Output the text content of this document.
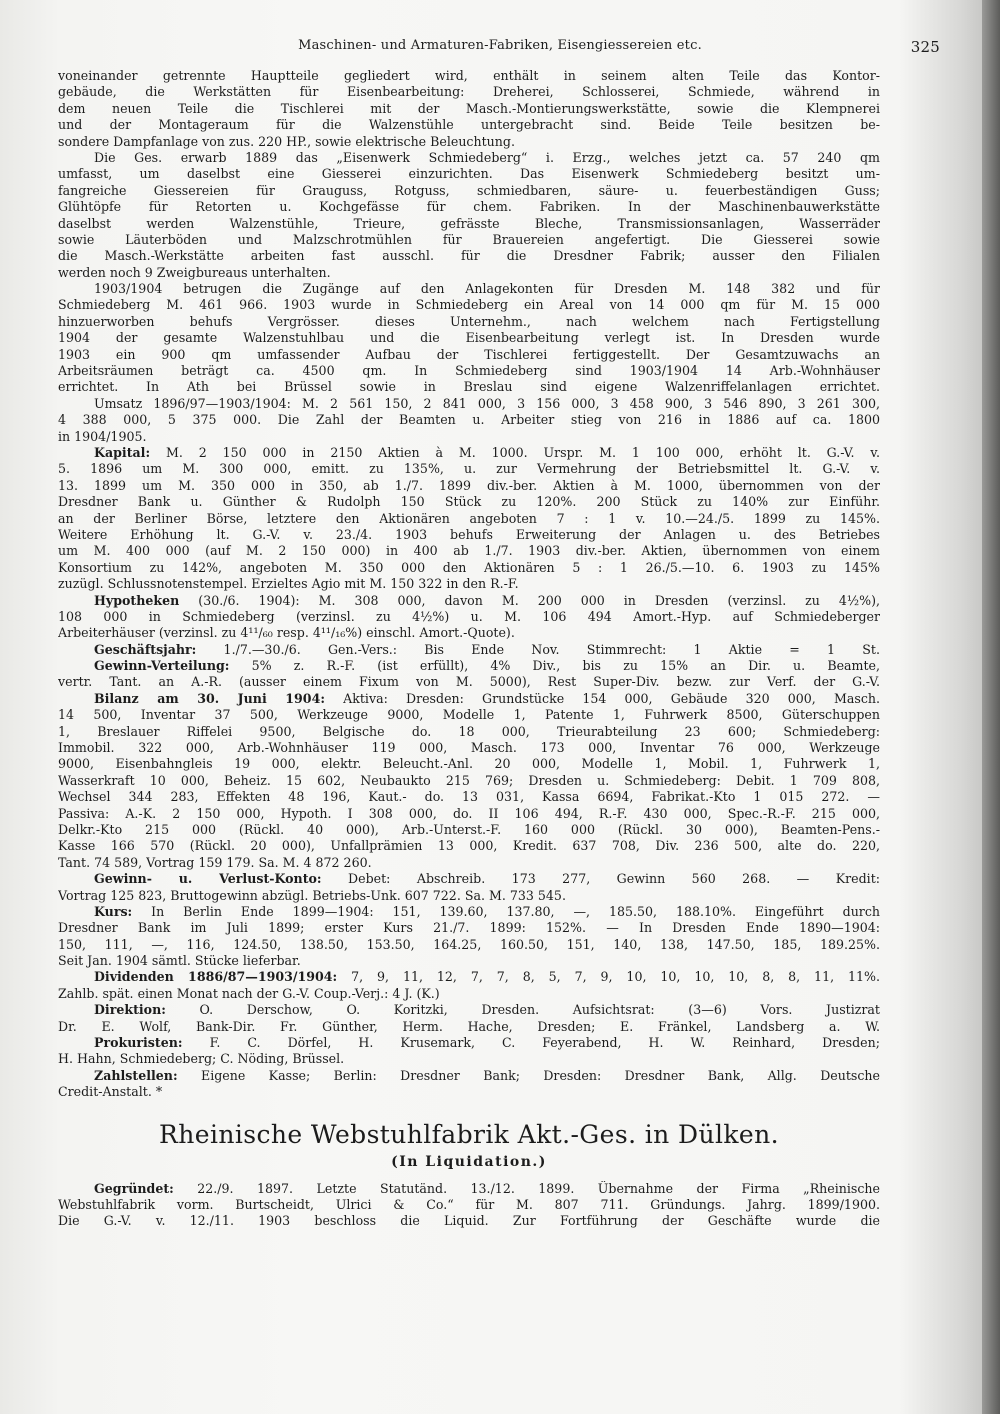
Maschinen- und Armaturen-Fabriken, Eisengiessereien etc.	325
voneinander getrennte Hauptteile gegliedert wird, enthält in seinem alten Teile das Kontor-
gebäude, die Werkstätten für Eisenbearbeitung: Dreherei, Schlosserei, Schmiede, während in
dem neuen Teile die Tischlerei mit der Masch.-Montierungswerkstätte, sowie die Klempnerei
und der Montageraum für die Walzenstühle untergebracht sind. Beide Teile besitzen be-
sondere Dampfanlage von zus. 220 HP., sowie elektrische Beleuchtung.
Die Ges. erwarb 1889 das „Eisenwerk Schmiedeberg“ i. Erzg., welches jetzt ca. 57 240 qm
umfasst, um daselbst eine Giesserei einzurichten. Das Eisenwerk Schmiedeberg besitzt um-
fangreiche Giessereien für Grauguss, Rotguss, schmiedbaren, säure- u. feuerbeständigen Guss;
Glühtöpfe für Retorten u. Kochgefässe für chem. Fabriken. In der Maschinenbauwerkstätte
daselbst werden Walzenstühle, Trieure, gefrässte Bleche, Transmissionsanlagen, Wasserräder
sowie Läuterböden und Malzschrotmühlen für Brauereien angefertigt. Die Giesserei sowie
die Masch.-Werkstätte arbeiten fast ausschl. für die Dresdner Fabrik; ausser den Filialen
werden noch 9 Zweigbureaus unterhalten.
1903/1904 betrugen die Zugänge auf den Anlagekonten für Dresden M. 148 382 und für
Schmiedeberg M. 461 966. 1903 wurde in Schmiedeberg ein Areal von 14 000 qm für M. 15 000
hinzuerworben behufs Vergrösser. dieses Unternehm., nach welchem nach Fertigstellung
1904 der gesamte Walzenstuhlbau und die Eisenbearbeitung verlegt ist. In Dresden wurde
1903 ein 900 qm umfassender Aufbau der Tischlerei fertiggestellt. Der Gesamtzuwachs an
Arbeitsräumen beträgt ca. 4500 qm. In Schmiedeberg sind 1903/1904 14 Arb.-Wohnhäuser
errichtet. In Ath bei Brüssel sowie in Breslau sind eigene Walzenriffelanlagen errichtet.
Umsatz 1896/97—1903/1904: M. 2 561 150, 2 841 000, 3 156 000, 3 458 900, 3 546 890, 3 261 300,
4 388 000, 5 375 000. Die Zahl der Beamten u. Arbeiter stieg von 216 in 1886 auf ca. 1800
in 1904/1905.
Kapital: M. 2 150 000 in 2150 Aktien à M. 1000. Urspr. M. 1 100 000, erhöht lt. G.-V. v.
5. 1896 um M. 300 000, emitt. zu 135%, u. zur Vermehrung der Betriebsmittel lt. G.-V. v.
13. 1899 um M. 350 000 in 350, ab 1./7. 1899 div.-ber. Aktien à M. 1000, übernommen von der
Dresdner Bank u. Günther & Rudolph 150 Stück zu 120%. 200 Stück zu 140% zur Einführ.
an der Berliner Börse, letztere den Aktionären angeboten 7 : 1 v. 10.—24./5. 1899 zu 145%.
Weitere Erhöhung lt. G.-V. v. 23./4. 1903 behufs Erweiterung der Anlagen u. des Betriebes
um M. 400 000 (auf M. 2 150 000) in 400 ab 1./7. 1903 div.-ber. Aktien, übernommen von einem
Konsortium zu 142%, angeboten M. 350 000 den Aktionären 5 : 1 26./5.—10. 6. 1903 zu 145%
zuzügl. Schlussnotenstempel. Erzieltes Agio mit M. 150 322 in den R.-F.
Hypotheken (30./6. 1904): M. 308 000, davon M. 200 000 in Dresden (verzinsl. zu 4½%),
108 000 in Schmiedeberg (verzinsl. zu 4½%) u. M. 106 494 Amort.-Hyp. auf Schmiedeberger
Arbeiterhäuser (verzinsl. zu 4¹¹/₆₀ resp. 4¹¹/₁₆%) einschl. Amort.-Quote).
Geschäftsjahr: 1./7.—30./6. Gen.-Vers.: Bis Ende Nov. Stimmrecht: 1 Aktie = 1 St.
Gewinn-Verteilung: 5% z. R.-F. (ist erfüllt), 4% Div., bis zu 15% an Dir. u. Beamte,
vertr. Tant. an A.-R. (ausser einem Fixum von M. 5000), Rest Super-Div. bezw. zur Verf. der G.-V.
Bilanz am 30. Juni 1904: Aktiva: Dresden: Grundstücke 154 000, Gebäude 320 000, Masch.
14 500, Inventar 37 500, Werkzeuge 9000, Modelle 1, Patente 1, Fuhrwerk 8500, Güterschuppen
1, Breslauer Riffelei 9500, Belgische do. 18 000, Trieurabteilung 23 600; Schmiedeberg:
Immobil. 322 000, Arb.-Wohnhäuser 119 000, Masch. 173 000, Inventar 76 000, Werkzeuge
9000, Eisenbahngleis 19 000, elektr. Beleucht.-Anl. 20 000, Modelle 1, Mobil. 1, Fuhrwerk 1,
Wasserkraft 10 000, Beheiz. 15 602, Neubaukto 215 769; Dresden u. Schmiedeberg: Debit. 1 709 808,
Wechsel 344 283, Effekten 48 196, Kaut.- do. 13 031, Kassa 6694, Fabrikat.-Kto 1 015 272. —
Passiva: A.-K. 2 150 000, Hypoth. I 308 000, do. II 106 494, R.-F. 430 000, Spec.-R.-F. 215 000,
Delkr.-Kto 215 000 (Rückl. 40 000), Arb.-Unterst.-F. 160 000 (Rückl. 30 000), Beamten-Pens.-
Kasse 166 570 (Rückl. 20 000), Unfallprämien 13 000, Kredit. 637 708, Div. 236 500, alte do. 220,
Tant. 74 589, Vortrag 159 179. Sa. M. 4 872 260.
Gewinn- u. Verlust-Konto: Debet: Abschreib. 173 277, Gewinn 560 268. — Kredit:
Vortrag 125 823, Bruttogewinn abzügl. Betriebs-Unk. 607 722. Sa. M. 733 545.
Kurs: In Berlin Ende 1899—1904: 151, 139.60, 137.80, —, 185.50, 188.10%. Eingeführt durch
Dresdner Bank im Juli 1899; erster Kurs 21./7. 1899: 152%. — In Dresden Ende 1890—1904:
150, 111, —, 116, 124.50, 138.50, 153.50, 164.25, 160.50, 151, 140, 138, 147.50, 185, 189.25%.
Seit Jan. 1904 sämtl. Stücke lieferbar.
Dividenden 1886/87—1903/1904: 7, 9, 11, 12, 7, 7, 8, 5, 7, 9, 10, 10, 10, 10, 8, 8, 11, 11%.
Zahlb. spät. einen Monat nach der G.-V. Coup.-Verj.: 4 J. (K.)
Direktion: O. Derschow, O. Koritzki, Dresden. Aufsichtsrat: (3—6) Vors. Justizrat
Dr. E. Wolf, Bank-Dir. Fr. Günther, Herm. Hache, Dresden; E. Fränkel, Landsberg a. W.
Prokuristen: F. C. Dörfel, H. Krusemark, C. Feyerabend, H. W. Reinhard, Dresden;
H. Hahn, Schmiedeberg; C. Nöding, Brüssel.
Zahlstellen: Eigene Kasse; Berlin: Dresdner Bank; Dresden: Dresdner Bank, Allg. Deutsche
Credit-Anstalt. *
Rheinische Webstuhlfabrik Akt.-Ges. in Dülken.
(In Liquidation.)
Gegründet: 22./9. 1897. Letzte Statutänd. 13./12. 1899. Übernahme der Firma „Rheinische
Webstuhlfabrik vorm. Burtscheidt, Ulrici & Co.“ für M. 807 711. Gründungs. Jahrg. 1899/1900.
Die G.-V. v. 12./11. 1903 beschloss die Liquid. Zur Fortführung der Geschäfte wurde die
